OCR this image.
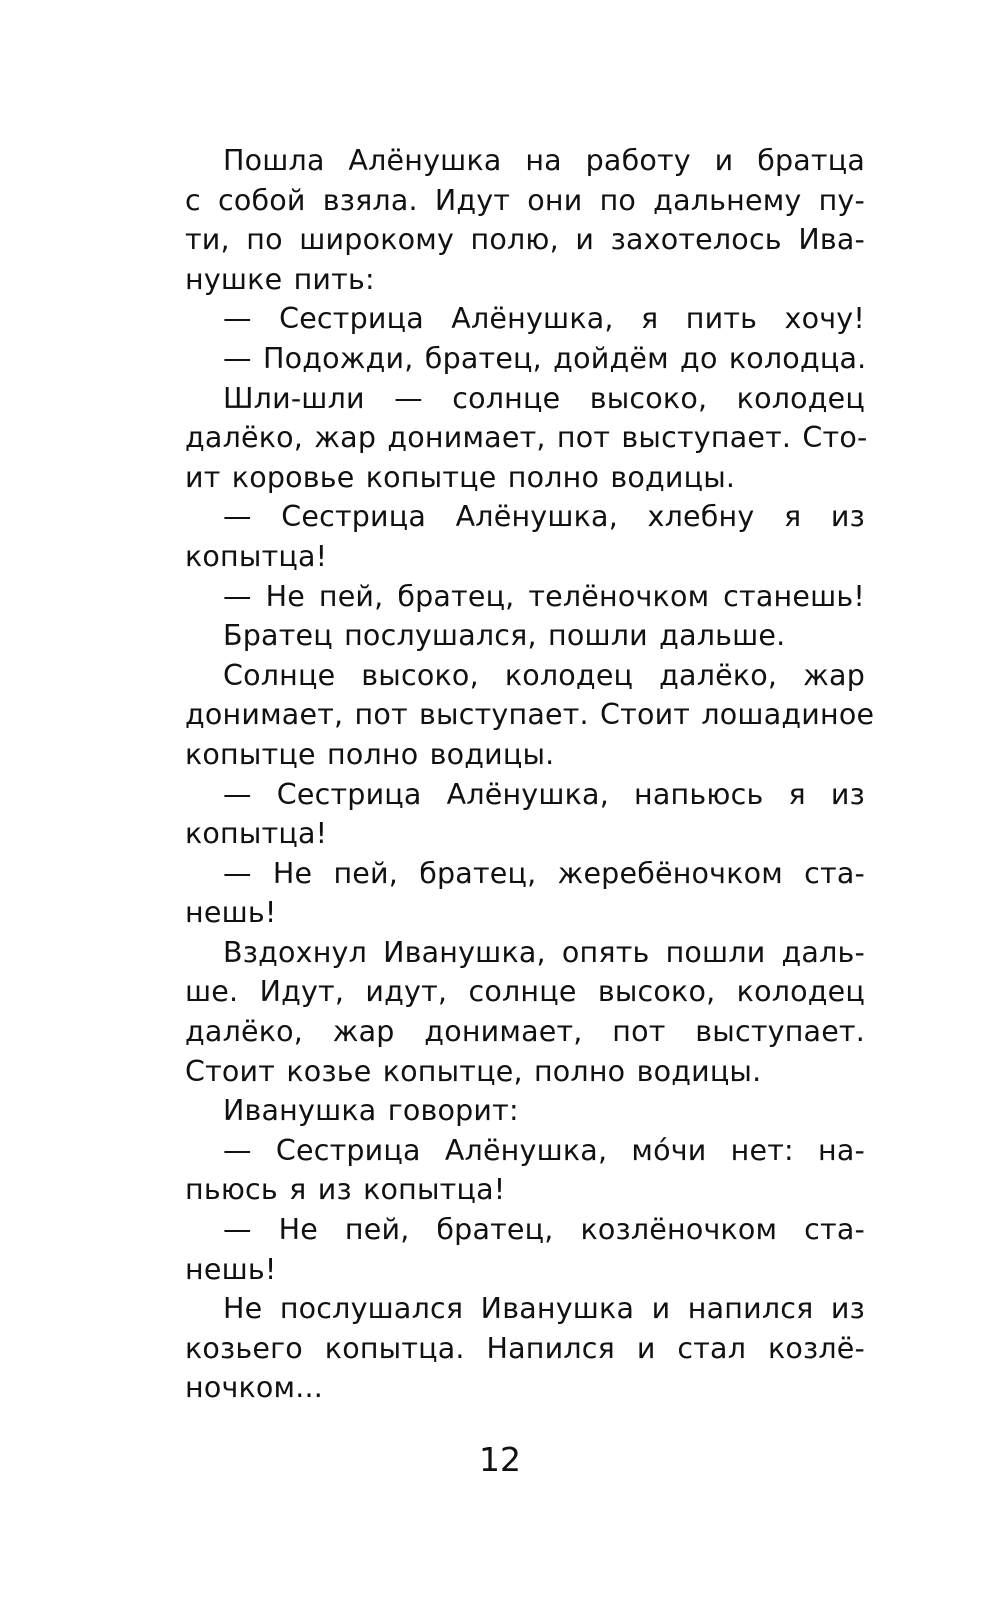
Пошла Алёнушка на работу и братца
с собой взяла. Идут они по дальнему пу-
ти, по широкому полю, и захотелось Ива-
нушке пить:
— Сестрица Алёнушка, я пить хочу!
— Подожди, братец, дойдём до колодца.
Шли-шли — солнце высоко, колодец
далёко, жар донимает, пот выступает. Сто-
ит коровье копытце полно водицы.
— Сестрица Алёнушка, хлебну я из
копытца!
— Не пей, братец, телёночком станешь!
Братец послушался, пошли дальше.
Солнце высоко, колодец далёко, жар
донимает, пот выступает. Стоит лошадиное
копытце полно водицы.
— Сестрица Алёнушка, напьюсь я из
копытца!
— Не пей, братец, жеребёночком ста-
нешь!
Вздохнул Иванушка, опять пошли даль-
ше. Идут, идут, солнце высоко, колодец
далёко, жар донимает, пот выступает.
Стоит козье копытце, полно водицы.
Иванушка говорит:
— Сестрица Алёнушка, мóчи нет: на-
пьюсь я из копытца!
— Не пей, братец, козлёночком ста-
нешь!
Не послушался Иванушка и напился из
козьего копытца. Напился и стал козлё-
ночком...
12
